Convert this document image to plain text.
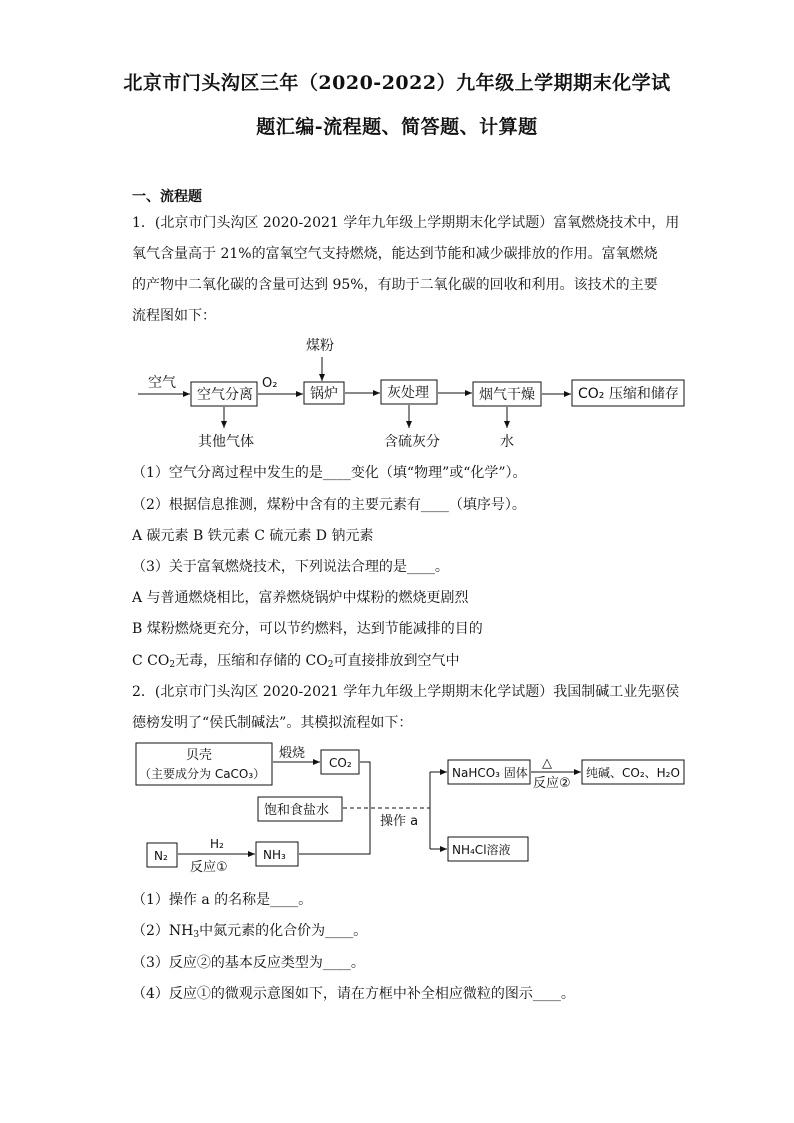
北京市门头沟区三年（2020-2022）九年级上学期期末化学试
题汇编-流程题、简答题、计算题
一、流程题
1．(北京市门头沟区 2020-2021 学年九年级上学期期末化学试题）富氧燃烧技术中，用
氧气含量高于 21%的富氧空气支持燃烧，能达到节能和减少碳排放的作用。富氧燃烧
的产物中二氧化碳的含量可达到 95%，有助于二氧化碳的回收和利用。该技术的主要
流程图如下：
空气
空气分离
O₂
煤粉
锅炉	灰处理	烟气干燥	CO₂ 压缩和储存
其他气体	含硫灰分	水
（1）空气分离过程中发生的是____变化（填“物理”或“化学”）。
（2）根据信息推测，煤粉中含有的主要元素有____（填序号）。
A 碳元素 B 铁元素 C 硫元素 D 钠元素
（3）关于富氧燃烧技术，下列说法合理的是____。
A 与普通燃烧相比，富养燃烧锅炉中煤粉的燃烧更剧烈
B 煤粉燃烧更充分，可以节约燃料，达到节能减排的目的
C $CO_2$无毒，压缩和存储的 $CO_2$可直接排放到空气中
2．(北京市门头沟区 2020-2021 学年九年级上学期期末化学试题）我国制碱工业先驱侯
德榜发明了“侯氏制碱法”。其模拟流程如下：
贝壳
（主要成分为 CaCO₃）
煅烧
CO₂
饱和食盐水
N₂
H₂
反应①
NH₃
操作 a
NaHCO₃ 固体
△
反应②
纯碱、CO₂、H₂O
NH₄Cl溶液
（1）操作 a 的名称是____。
$(2)NH_3$中氮元素的化合价为____。
（3）反应②的基本反应类型为____。
（4）反应①的微观示意图如下，请在方框中补全相应微粒的图示____。
